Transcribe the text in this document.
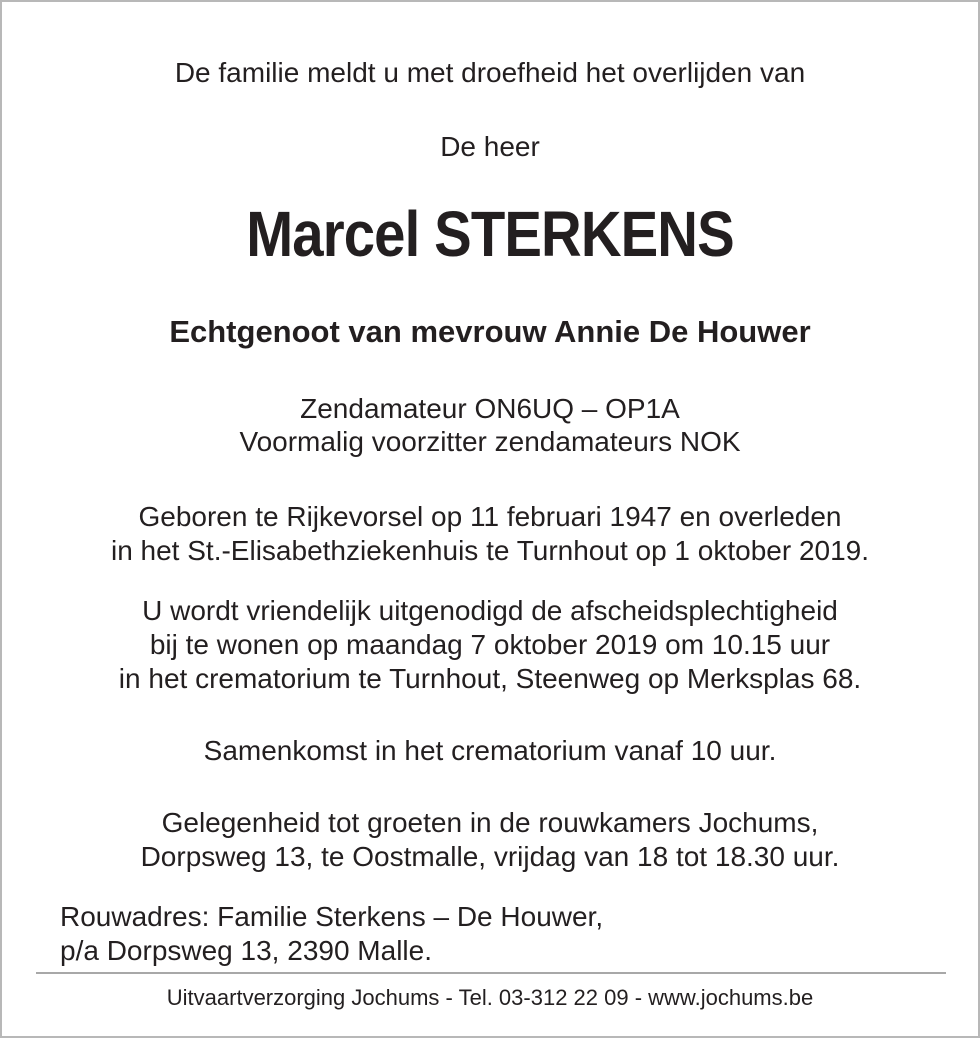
De familie meldt u met droefheid het overlijden van
De heer
Marcel STERKENS
Echtgenoot van mevrouw Annie De Houwer
Zendamateur ON6UQ – OP1A
Voormalig voorzitter zendamateurs NOK
Geboren te Rijkevorsel op 11 februari 1947 en overleden
in het St.-Elisabethziekenhuis te Turnhout op 1 oktober 2019.
U wordt vriendelijk uitgenodigd de afscheidsplechtigheid
bij te wonen op maandag 7 oktober 2019 om 10.15 uur
in het crematorium te Turnhout, Steenweg op Merksplas 68.
Samenkomst in het crematorium vanaf 10 uur.
Gelegenheid tot groeten in de rouwkamers Jochums,
Dorpsweg 13, te Oostmalle, vrijdag van 18 tot 18.30 uur.
Rouwadres: Familie Sterkens – De Houwer,
p/a Dorpsweg 13, 2390 Malle.
Uitvaartverzorging Jochums - Tel. 03-312 22 09 - www.jochums.be
